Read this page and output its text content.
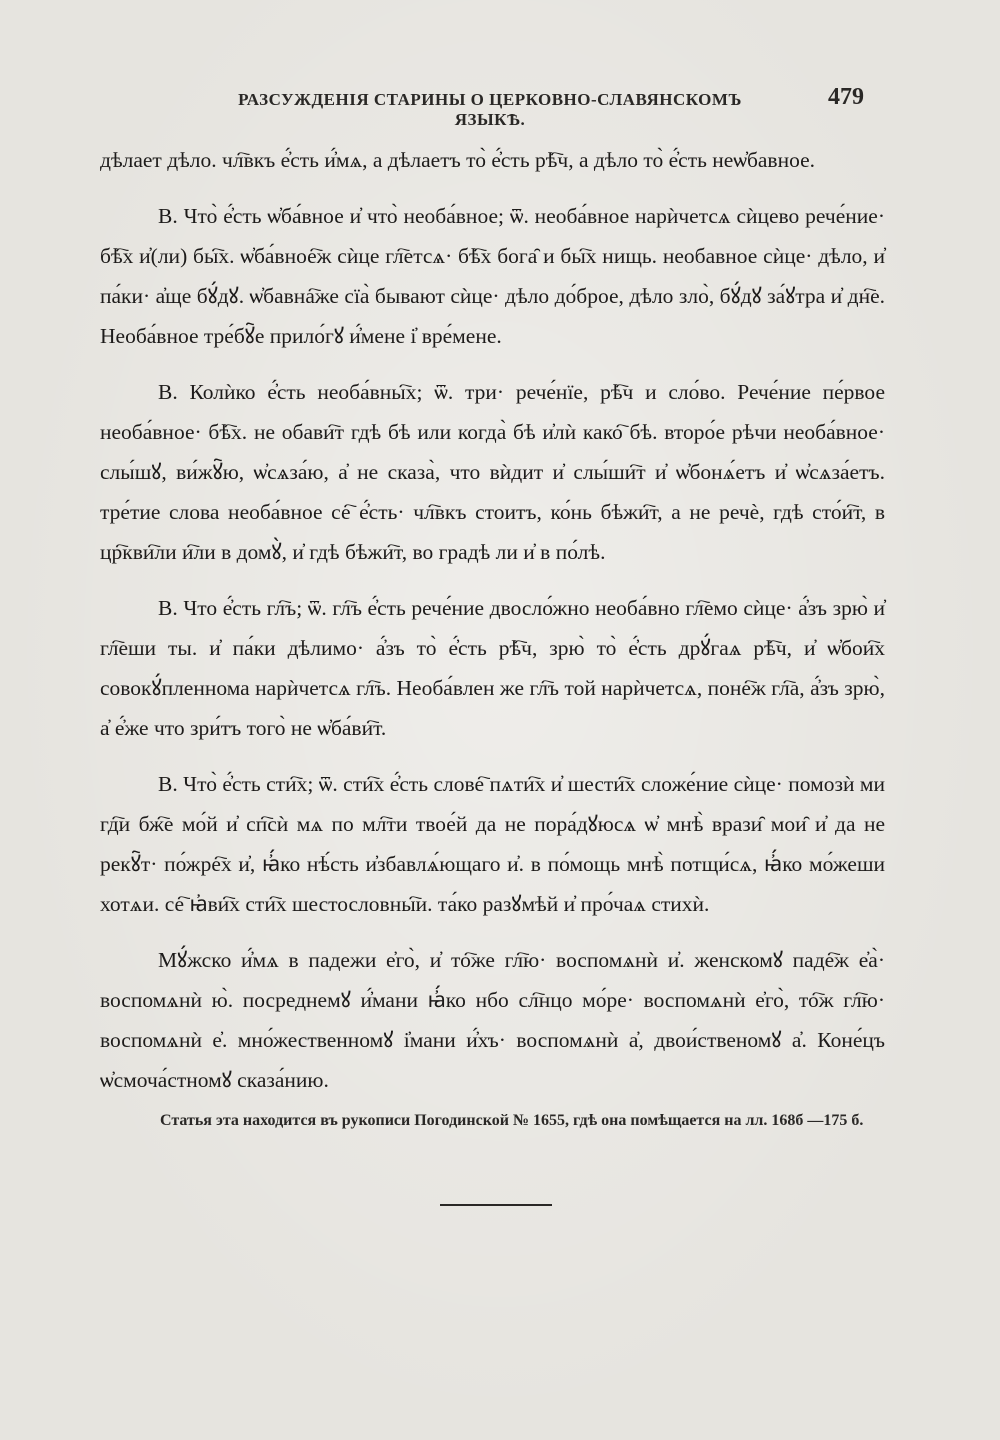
РАЗСУЖДЕНІЯ СТАРИНЫ О ЦЕРКОВНО-СЛАВЯНСКОМЪ ЯЗЫКѢ.
479

дѣлает дѣло. чл҇вкъ е҆́сть и҆́мѧ, а дѣлаетъ то̀ е҆́сть рѣ҇ч, а дѣло то̀ е҆́сть неѡ҆бавное.

В. Что̀ е҆́сть ѡ҆ба́вное и҆ что̀ необа́вное; ѿ. необа́вное нарѝчетсѧ сѝцево рече́ние· бѣ҇х и҆(ли) бы҇х. ѡ҆ба́вное҇ж сѝце гл҇етсѧ· бѣ҇х бога̑ и бы҇х нищь. необавное сѝце· дѣло, и҆ па́ки· а҆ще бꙋ́дꙋ. ѡ҆бавна҇же сїа̀ бывают сѝце· дѣло до́брое, дѣло зло̀, бꙋ́дꙋ за́ꙋтра и҆ дн҇е. Необа́вное тре́бꙋ҇е прило́гꙋ и҆́мене і҆ вре́мене.

В. Колѝко е҆́сть необа́вны҇х; ѿ. три· рече́нїе, рѣ҇ч и сло́во. Рече́ние пе́рвое необа́вное· бѣ҇х. не обави҇т гдѣ бѣ или когда̀ бѣ и҆лѝ како҇ бѣ. второ́е рѣчи необа́вное· слы́шꙋ, ви́жꙋ҇ю, ѡ҆сѧза́ю, а҆ не сказа̀, что вѝдит и҆ слы́ши҇т и҆ ѡ҆бонѧ́етъ и҆ ѡ҆сѧза́етъ. тре́тие слова необа́вное се҇ е҆́сть· чл҇вкъ стоитъ, ко́нь бѣжи҇т, а не речѐ, гдѣ сто́и҇т, в цр҇кви҇ли и҇ли в домꙋ̀, и҆ гдѣ бѣжи҇т, во градѣ ли и҆ в по́лѣ.

В. Что е҆́сть гл҇ъ; ѿ. гл҇ъ е҆́сть рече́ние двосло́жно необа́вно гл҇емо сѝце· а҆́зъ зрю̀ и҆ гл҇еши ты. и҆ па́ки дѣлимо· а҆́зъ то̀ е҆́сть рѣ҇ч, зрю̀ то̀ е҆́сть дрꙋ́гаѧ рѣ҇ч, и҆ ѡ҆бои҇х совокꙋ́пленнома нарѝчетсѧ гл҇ъ. Необа́влен же гл҇ъ той нарѝчетсѧ, поне҇ж гл҇а, а҆́зъ зрю̀, а҆ е҆́же что зри́тъ того̀ не ѡ҆ба́ви҇т.

В. Что̀ е҆́сть сти҇х; ѿ. сти҇х е҆́сть слове҇ пѧти҇х и҆ шести҇х сложе́ние сѝце· помозѝ ми гд҇и бж҇е мо́й и҆ сп҇сѝ мѧ по мл҇ти твое́й да не пора́дꙋюсѧ ѡ҆ мнѣ̀ врази̑ мои̑ и҆ да не рекꙋ҇т· по́жре҇х и҆, ꙗ҆́ко нѣ́сть и҆збавлѧ́ющаго и҆. в по́мощь мнѣ̀ потщи́сѧ, ꙗ҆́ко мо́жеши хотѧи. се҇ ꙗ҆ви҇х сти҇х шестословны҇и. та́ко разꙋмѣй и҆ про́чаѧ стихѝ.

Мꙋ́жско и҆́мѧ в падежи е҆го̀, и҆ то҇же гл҇ю· воспомѧнѝ и҆. женскомꙋ паде҇ж е҆а̀· воспомѧнѝ ю̀. посреднемꙋ и҆́мани ꙗ҆́ко нбо сл҇нцо мо́ре· воспомѧнѝ е҆го̀, то҇ж гл҇ю· воспомѧнѝ е҆. мно́жественномꙋ і҆мани и҆́хъ· воспомѧнѝ а҆, двои́ственомꙋ а҆. Коне́цъ ѡ҆смоча́стномꙋ сказа́нию.

Статья эта находится въ рукописи Погодинской № 1655, гдѣ она помѣщается на лл. 168б —175 б.
